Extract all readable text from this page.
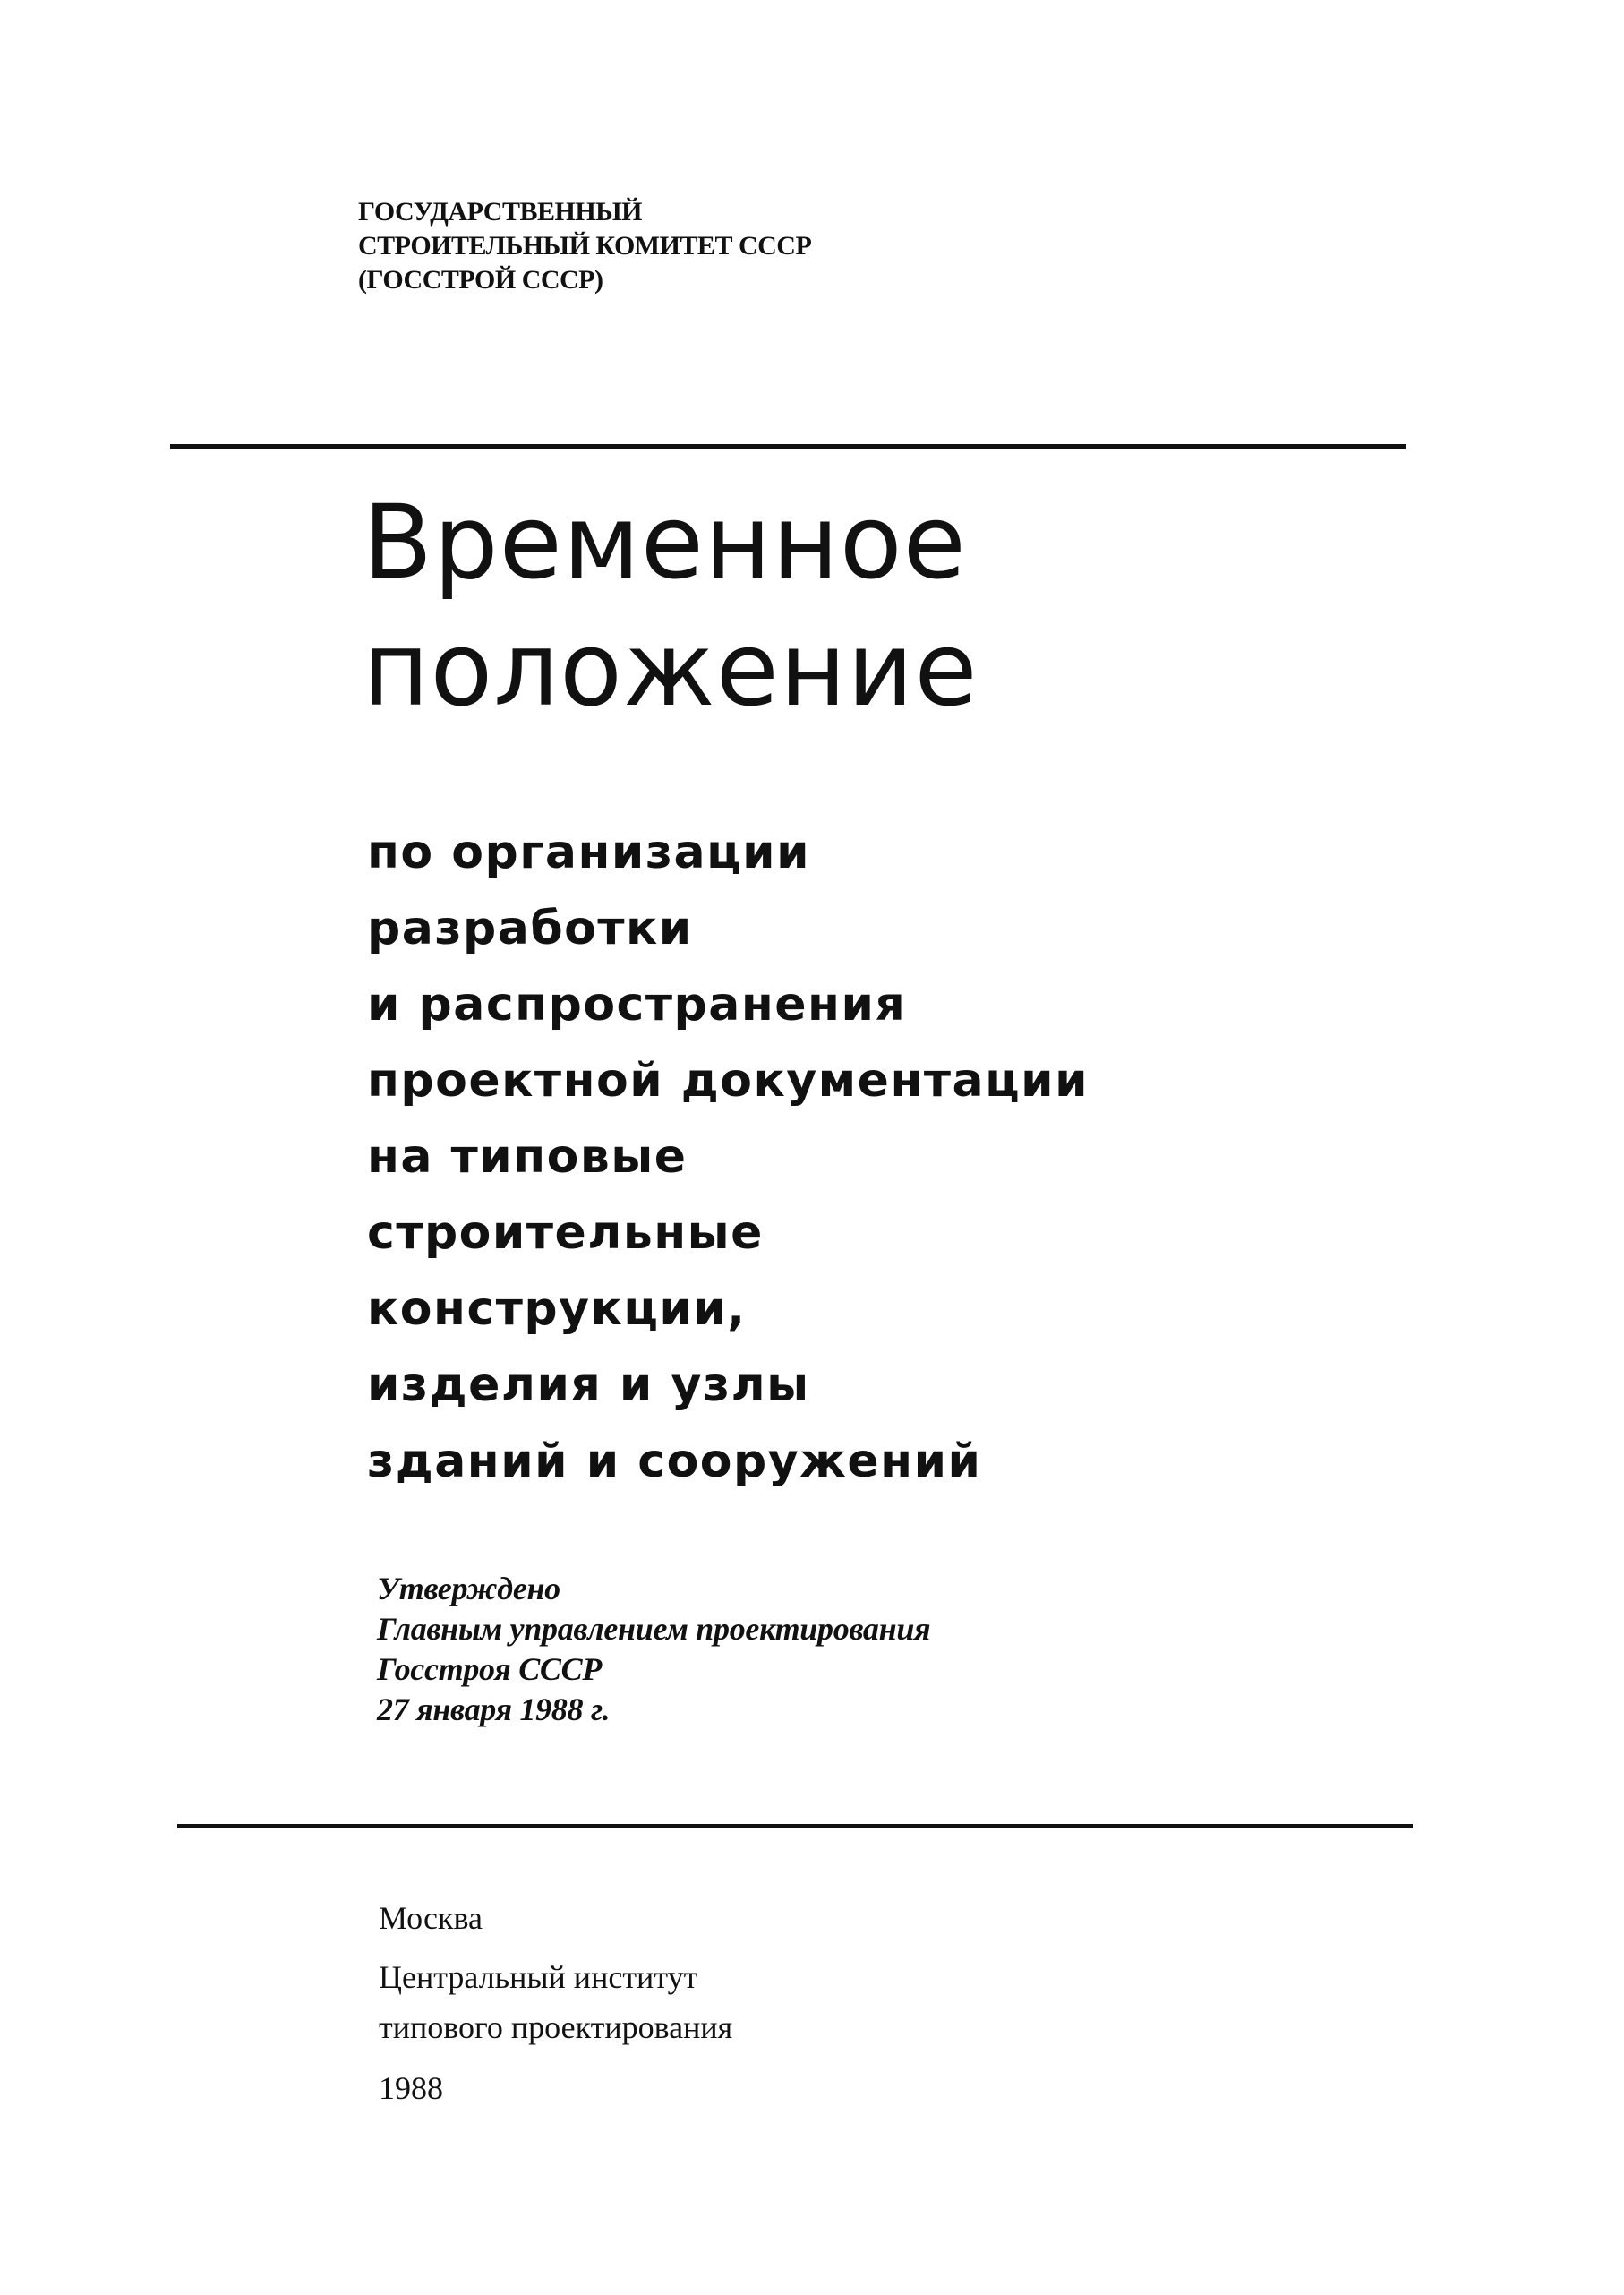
ГОСУДАРСТВЕННЫЙ
СТРОИТЕЛЬНЫЙ КОМИТЕТ СССР
(ГОССТРОЙ СССР)
Временное
положение
по организации
разработки
и распространения
проектной документации
на типовые
строительные
конструкции,
изделия и узлы
зданий и сооружений
Утверждено
Главным управлением проектирования
Госстроя СССР
27 января 1988 г.
Москва
Центральный институт
типового проектирования
1988
